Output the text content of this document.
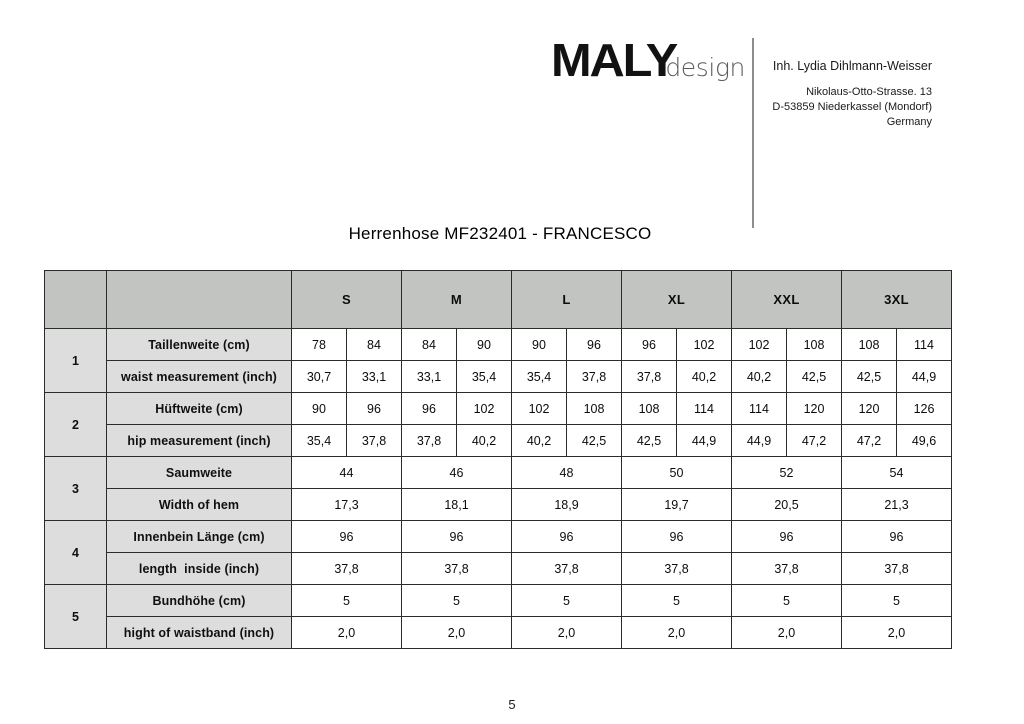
MALYdesign	Inh. Lydia Dihlmann-Weisser
Nikolaus-Otto-Strasse. 13
D-53859 Niederkassel (Mondorf)
Germany
Herrenhose MF232401 - FRANCESCO
		S		M		L		XL		XXL		3XL	
1	Taillenweite (cm)	78	84	84	90	90	96	96	102	102	108	108	114
	waist measurement (inch)	30,7	33,1	33,1	35,4	35,4	37,8	37,8	40,2	40,2	42,5	42,5	44,9
2	Hüftweite (cm)	90	96	96	102	102	108	108	114	114	120	120	126
	hip measurement (inch)	35,4	37,8	37,8	40,2	40,2	42,5	42,5	44,9	44,9	47,2	47,2	49,6
3	Saumweite	44		46		48		50		52		54	
	Width of hem	17,3		18,1		18,9		19,7		20,5		21,3	
4	Innenbein Länge (cm)	96		96		96		96		96		96	
	length  inside (inch)	37,8		37,8		37,8		37,8		37,8		37,8	
5	Bundhöhe (cm)	5		5		5		5		5		5	
	hight of waistband (inch)	2,0		2,0		2,0		2,0		2,0		2,0	
5
